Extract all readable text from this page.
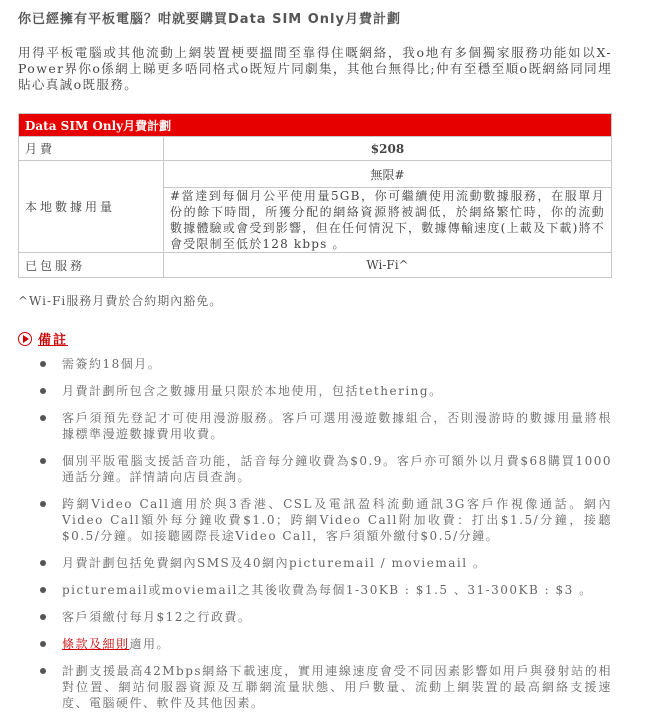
你已經擁有平板電腦？咁就要購買Data SIM Only月費計劃

用得平板電腦或其他流動上網裝置梗要搵間至靠得住嘅網絡，我o地有多個獨家服務功能如以X-Power界你o係網上睇更多唔同格式o既短片同劇集，其他台無得比;仲有至穩至順o既網絡同同埋貼心真誠o既服務。

Data SIM Only月費計劃	
月費	$208
本地數據用量	無限#
	#當達到每個月公平使用量5GB，你可繼續使用流動數據服務，在服單月份的餘下時間，所獲分配的網絡資源將被調低，於網絡繁忙時，你的流動數據體驗或會受到影響，但在任何情況下，數據傳輸速度(上載及下載)將不會受限制至低於128 kbps 。
已包服務	Wi-Fi^

^Wi-Fi服務月費於合約期內豁免。

備註
需簽約18個月。
月費計劃所包含之數據用量只限於本地使用，包括tethering。
客戶須預先登記才可使用漫游服務。客戶可選用漫遊數據組合，否則漫游時的數據用量將根據標準漫遊數據費用收費。
個別平版電腦支援話音功能，話音每分鐘收費為$0.9。客戶亦可額外以月費$68購買1000通話分鐘。詳情請向店員查詢。
跨網Video Call適用於與3香港、CSL及電訊盈科流動通訊3G客戶作視像通話。網內Video Call額外每分鐘收費$1.0；跨網Video Call附加收費：打出$1.5/分鐘，接聽$0.5/分鐘。如接聽國際長途Video Call，客戶須額外繳付$0.5/分鐘。
月費計劃包括免費網內SMS及40網內picturemail / moviemail 。
picturemail或moviemail之其後收費為每個1-30KB : $1.5 、31-300KB : $3 。
客戶須繳付每月$12之行政費。
條款及細則適用。
計劃支援最高42Mbps網絡下載速度，實用連線速度會受不同因素影響如用戶與發射站的相對位置、網站伺服器資源及互聯網流量狀態、用戶數量、流動上網裝置的最高網絡支援速度、電腦硬件、軟件及其他因素。
